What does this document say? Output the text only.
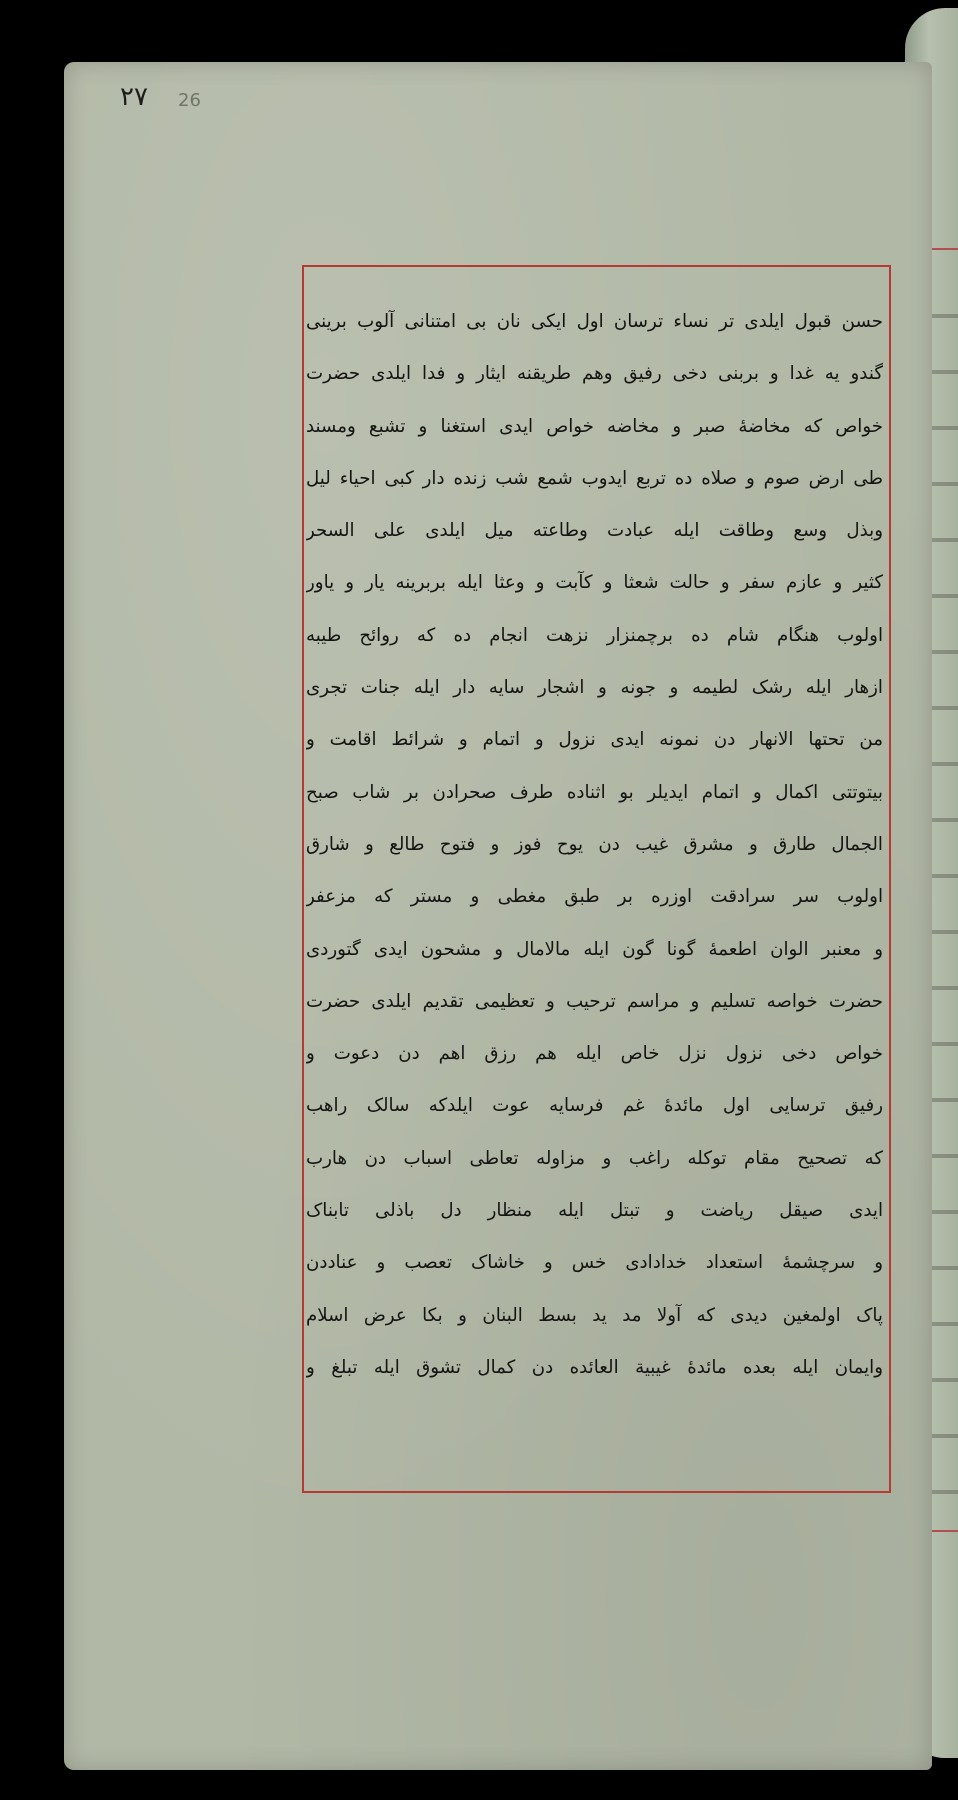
٢٧ 26
حسن قبول ایلدی تر نساء ترسان اول ایکی نان بی امتنانی آلوب برینی
گندو یه غدا و بربنی دخی رفیق وهم طریقنه ایثار و فدا ایلدی حضرت
خواص که مخاضهٔ صبر و مخاضه خواص ایدی استغنا و تشبع ومسند
طی ارض صوم و صلاه ده تربع ایدوب شمع شب زنده دار کبی احیاء لیل
وبذل وسع وطاقت ایله عبادت وطاعته میل ایلدی علی السحر
کثیر و عازم سفر و حالت شعثا و کآبت و وعثا ایله بربرینه یار و یاور
اولوب هنگام شام ده برچمنزار نزهت انجام ده که روائح طیبه
ازهار ایله رشک لطیمه و جونه و اشجار سایه دار ایله جنات تجری
من تحتها الانهار دن نمونه ایدی نزول و اتمام و شرائط اقامت و
بیتوتتی اکمال و اتمام ایدیلر بو اثناده طرف صحرادن بر شاب صبح
الجمال طارق و مشرق غیب دن یوح فوز و فتوح طالع و شارق
اولوب سر سرادقت اوزره بر طبق مغطی و مستر که مزعفر
و معنبر الوان اطعمهٔ گونا گون ایله مالامال و مشحون ایدی گتوردی
حضرت خواصه تسلیم و مراسم ترحیب و تعظیمی تقدیم ایلدی حضرت
خواص دخی نزول نزل خاص ایله هم رزق اهم دن دعوت و
رفیق ترسایی اول مائدهٔ غم فرسایه عوت ایلدکه سالک راهب
که تصحیح مقام توکله راغب و مزاوله تعاطی اسباب دن هارب
ایدی صیقل ریاضت و تبتل ایله منظار دل باذلی تابناک
و سرچشمهٔ استعداد خدادادی خس و خاشاک تعصب و عناددن
پاک اولمغین دیدی که آولا مد ید بسط البنان و بکا عرض اسلام
وایمان ایله بعده مائدهٔ غیبیة العائده دن کمال تشوق ایله تبلغ و
